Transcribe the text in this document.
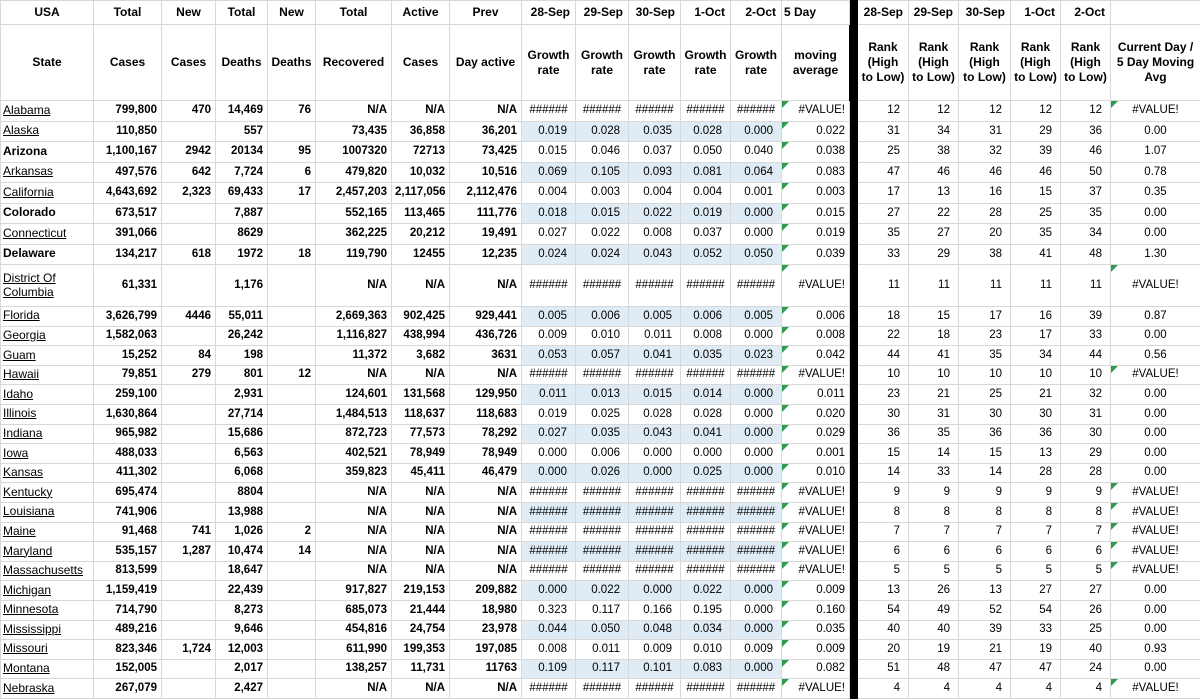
USA	Total	New	Total	New	Total	Active	Prev	28-Sep	29-Sep	30-Sep	1-Oct	2-Oct	5 Day		28-Sep	29-Sep	30-Sep	1-Oct	2-Oct	
State	Cases	Cases	Deaths	Deaths	Recovered	Cases	Day active	Growth rate	Growth rate	Growth rate	Growth rate	Growth rate	moving average		Rank (High to Low)	Rank (High to Low)	Rank (High to Low)	Rank (High to Low)	Rank (High to Low)	Current Day / 5 Day Moving Avg
Alabama	799,800	470	14,469	76	N/A	N/A	N/A	######	######	######	######	######	#VALUE!		12	12	12	12	12	#VALUE!
Alaska	110,850		557		73,435	36,858	36,201	0.019	0.028	0.035	0.028	0.000	0.022		31	34	31	29	36	0.00
Arizona	1,100,167	2942	20134	95	1007320	72713	73,425	0.015	0.046	0.037	0.050	0.040	0.038		25	38	32	39	46	1.07
Arkansas	497,576	642	7,724	6	479,820	10,032	10,516	0.069	0.105	0.093	0.081	0.064	0.083		47	46	46	46	50	0.78
California	4,643,692	2,323	69,433	17	2,457,203	2,117,056	2,112,476	0.004	0.003	0.004	0.004	0.001	0.003		17	13	16	15	37	0.35
Colorado	673,517		7,887		552,165	113,465	111,776	0.018	0.015	0.022	0.019	0.000	0.015		27	22	28	25	35	0.00
Connecticut	391,066		8629		362,225	20,212	19,491	0.027	0.022	0.008	0.037	0.000	0.019		35	27	20	35	34	0.00
Delaware	134,217	618	1972	18	119,790	12455	12,235	0.024	0.024	0.043	0.052	0.050	0.039		33	29	38	41	48	1.30
District Of Columbia	61,331		1,176		N/A	N/A	N/A	######	######	######	######	######	#VALUE!		11	11	11	11	11	#VALUE!
Florida	3,626,799	4446	55,011		2,669,363	902,425	929,441	0.005	0.006	0.005	0.006	0.005	0.006		18	15	17	16	39	0.87
Georgia	1,582,063		26,242		1,116,827	438,994	436,726	0.009	0.010	0.011	0.008	0.000	0.008		22	18	23	17	33	0.00
Guam	15,252	84	198		11,372	3,682	3631	0.053	0.057	0.041	0.035	0.023	0.042		44	41	35	34	44	0.56
Hawaii	79,851	279	801	12	N/A	N/A	N/A	######	######	######	######	######	#VALUE!		10	10	10	10	10	#VALUE!
Idaho	259,100		2,931		124,601	131,568	129,950	0.011	0.013	0.015	0.014	0.000	0.011		23	21	25	21	32	0.00
Illinois	1,630,864		27,714		1,484,513	118,637	118,683	0.019	0.025	0.028	0.028	0.000	0.020		30	31	30	30	31	0.00
Indiana	965,982		15,686		872,723	77,573	78,292	0.027	0.035	0.043	0.041	0.000	0.029		36	35	36	36	30	0.00
Iowa	488,033		6,563		402,521	78,949	78,949	0.000	0.006	0.000	0.000	0.000	0.001		15	14	15	13	29	0.00
Kansas	411,302		6,068		359,823	45,411	46,479	0.000	0.026	0.000	0.025	0.000	0.010		14	33	14	28	28	0.00
Kentucky	695,474		8804		N/A	N/A	N/A	######	######	######	######	######	#VALUE!		9	9	9	9	9	#VALUE!
Louisiana	741,906		13,988		N/A	N/A	N/A	######	######	######	######	######	#VALUE!		8	8	8	8	8	#VALUE!
Maine	91,468	741	1,026	2	N/A	N/A	N/A	######	######	######	######	######	#VALUE!		7	7	7	7	7	#VALUE!
Maryland	535,157	1,287	10,474	14	N/A	N/A	N/A	######	######	######	######	######	#VALUE!		6	6	6	6	6	#VALUE!
Massachusetts	813,599		18,647		N/A	N/A	N/A	######	######	######	######	######	#VALUE!		5	5	5	5	5	#VALUE!
Michigan	1,159,419		22,439		917,827	219,153	209,882	0.000	0.022	0.000	0.022	0.000	0.009		13	26	13	27	27	0.00
Minnesota	714,790		8,273		685,073	21,444	18,980	0.323	0.117	0.166	0.195	0.000	0.160		54	49	52	54	26	0.00
Mississippi	489,216		9,646		454,816	24,754	23,978	0.044	0.050	0.048	0.034	0.000	0.035		40	40	39	33	25	0.00
Missouri	823,346	1,724	12,003		611,990	199,353	197,085	0.008	0.011	0.009	0.010	0.009	0.009		20	19	21	19	40	0.93
Montana	152,005		2,017		138,257	11,731	11763	0.109	0.117	0.101	0.083	0.000	0.082		51	48	47	47	24	0.00
Nebraska	267,079		2,427		N/A	N/A	N/A	######	######	######	######	######	#VALUE!		4	4	4	4	4	#VALUE!
